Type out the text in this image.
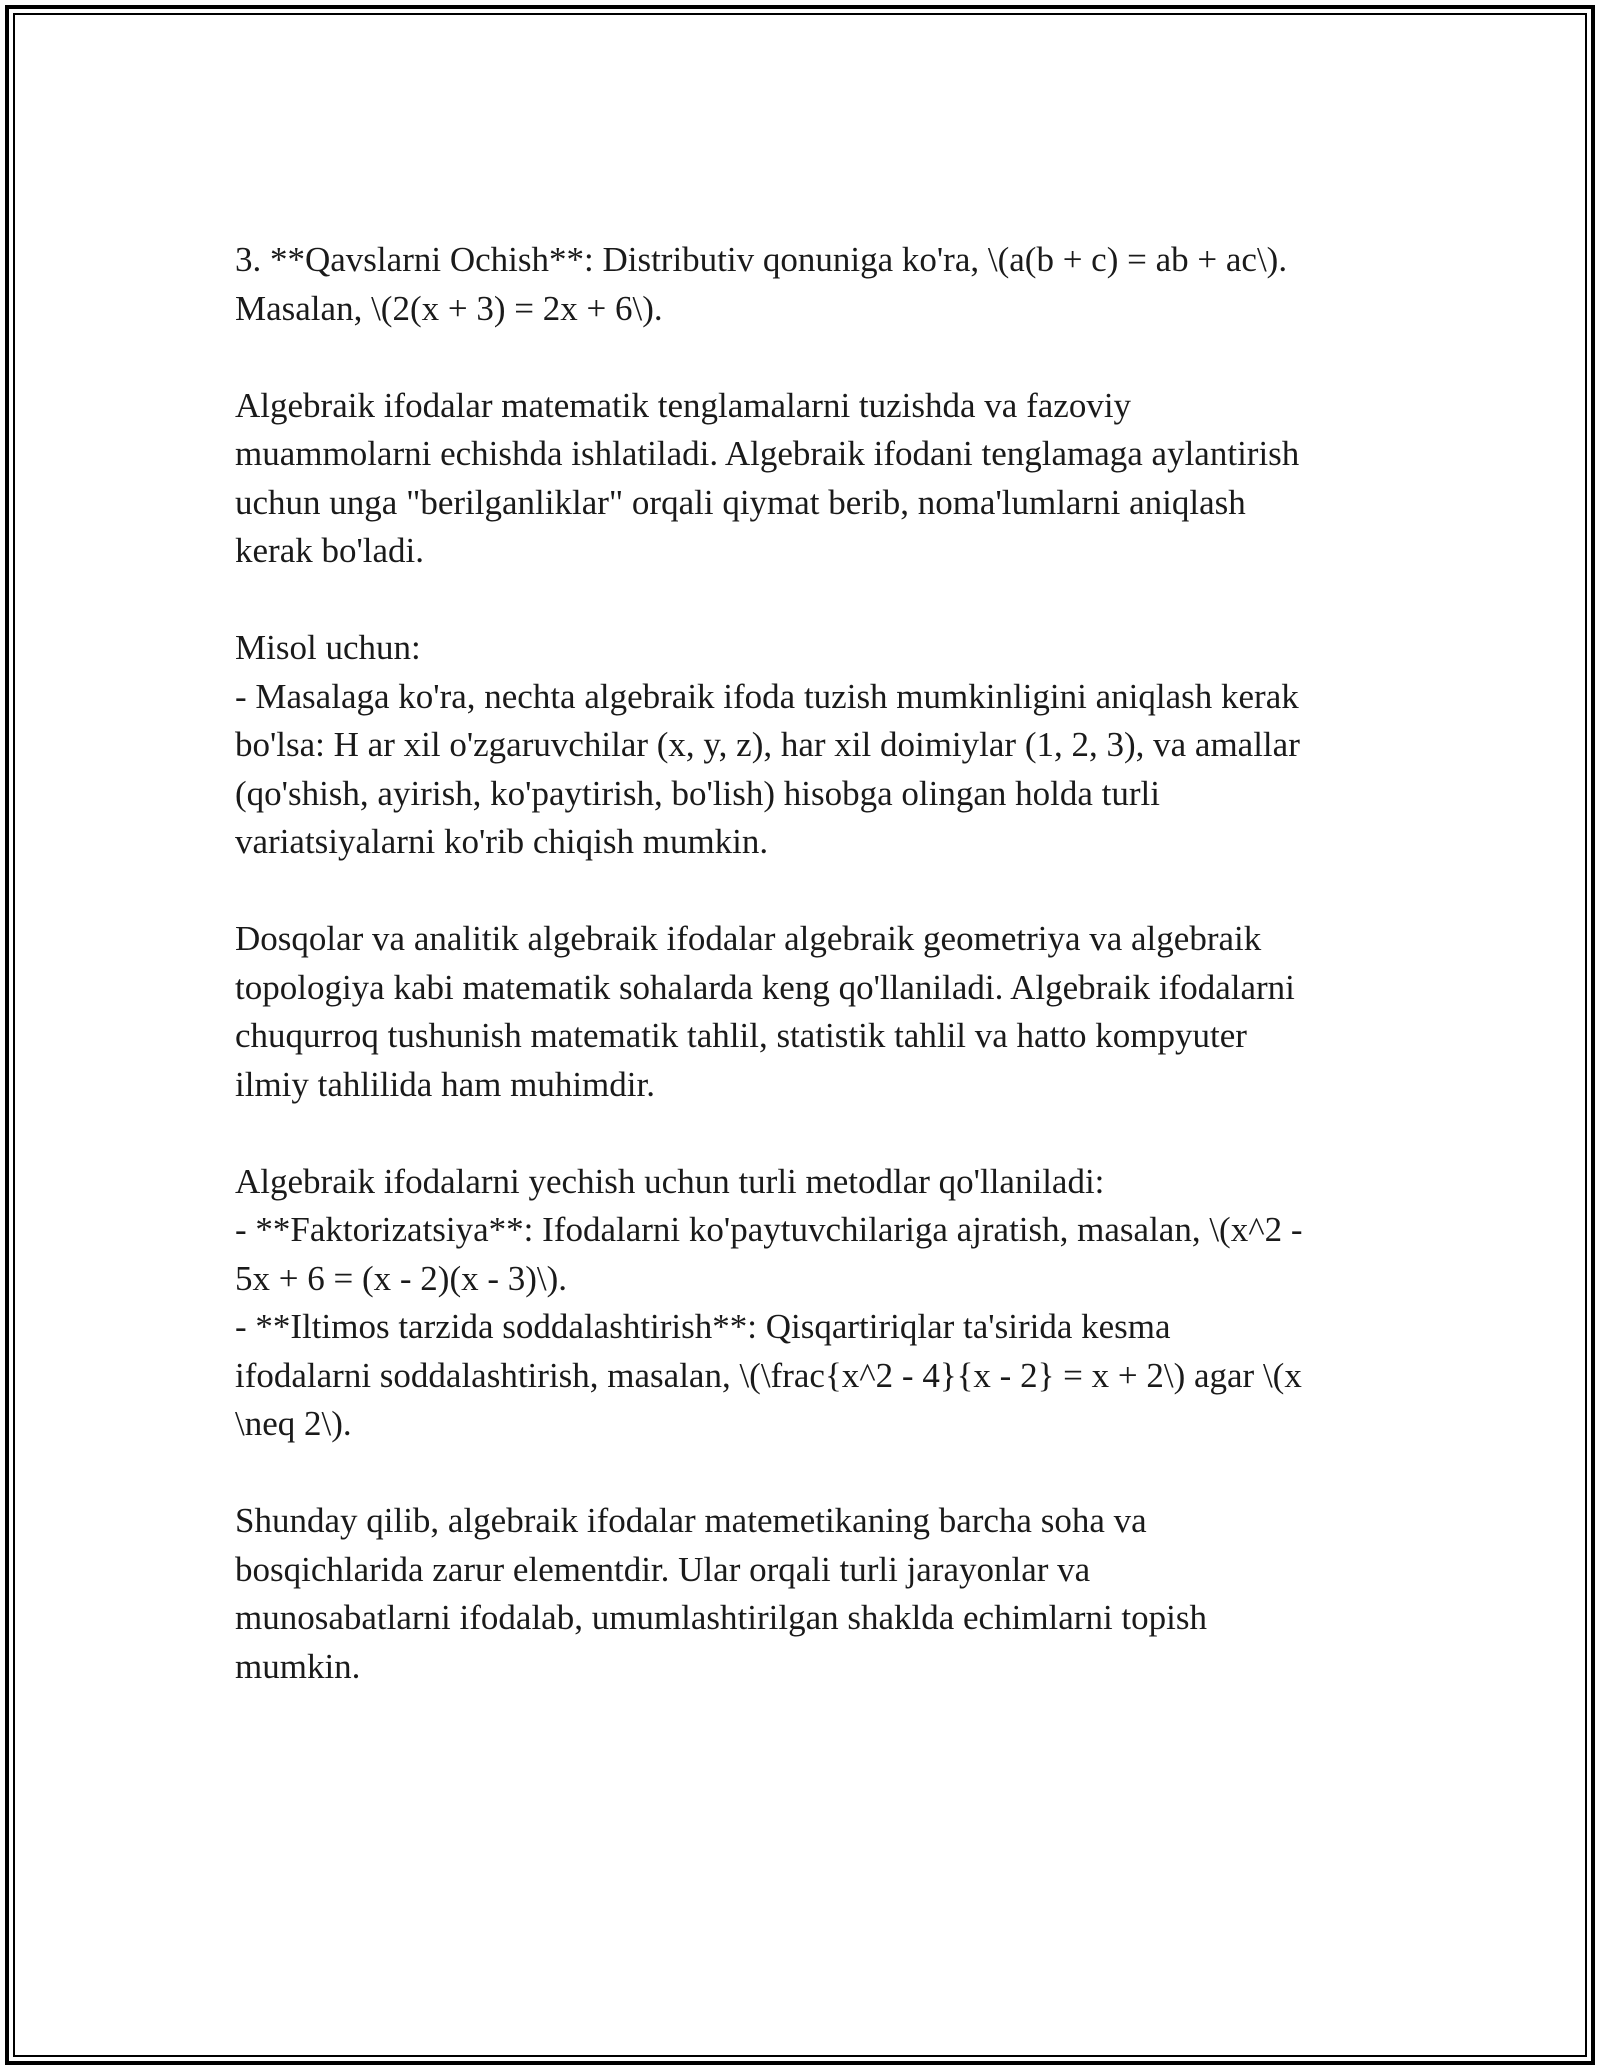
3. **Qavslarni Ochish**: Distributiv qonuniga ko'ra, \(a(b + c) = ab + ac\).
Masalan, \(2(x + 3) = 2x + 6\).
Algebraik ifodalar matematik tenglamalarni tuzishda va fazoviy
muammolarni echishda ishlatiladi. Algebraik ifodani tenglamaga aylantirish
uchun unga "berilganliklar" orqali qiymat berib, noma'lumlarni aniqlash
kerak bo'ladi.
Misol uchun:
- Masalaga ko'ra, nechta algebraik ifoda tuzish mumkinligini aniqlash kerak
bo'lsa: H ar xil o'zgaruvchilar (x, y, z), har xil doimiylar (1, 2, 3), va amallar
(qo'shish, ayirish, ko'paytirish, bo'lish) hisobga olingan holda turli
variatsiyalarni ko'rib chiqish mumkin.
Dosqolar va analitik algebraik ifodalar algebraik geometriya va algebraik
topologiya kabi matematik sohalarda keng qo'llaniladi. Algebraik ifodalarni
chuqurroq tushunish matematik tahlil, statistik tahlil va hatto kompyuter
ilmiy tahlilida ham muhimdir.
Algebraik ifodalarni yechish uchun turli metodlar qo'llaniladi:
- **Faktorizatsiya**: Ifodalarni ko'paytuvchilariga ajratish, masalan, \(x^2 -
5x + 6 = (x - 2)(x - 3)\).
- **Iltimos tarzida soddalashtirish**: Qisqartiriqlar ta'sirida kesma
ifodalarni soddalashtirish, masalan, \(\frac{x^2 - 4}{x - 2} = x + 2\) agar \(x
\neq 2\).
Shunday qilib, algebraik ifodalar matemetikaning barcha soha va
bosqichlarida zarur elementdir. Ular orqali turli jarayonlar va
munosabatlarni ifodalab, umumlashtirilgan shaklda echimlarni topish
mumkin.
